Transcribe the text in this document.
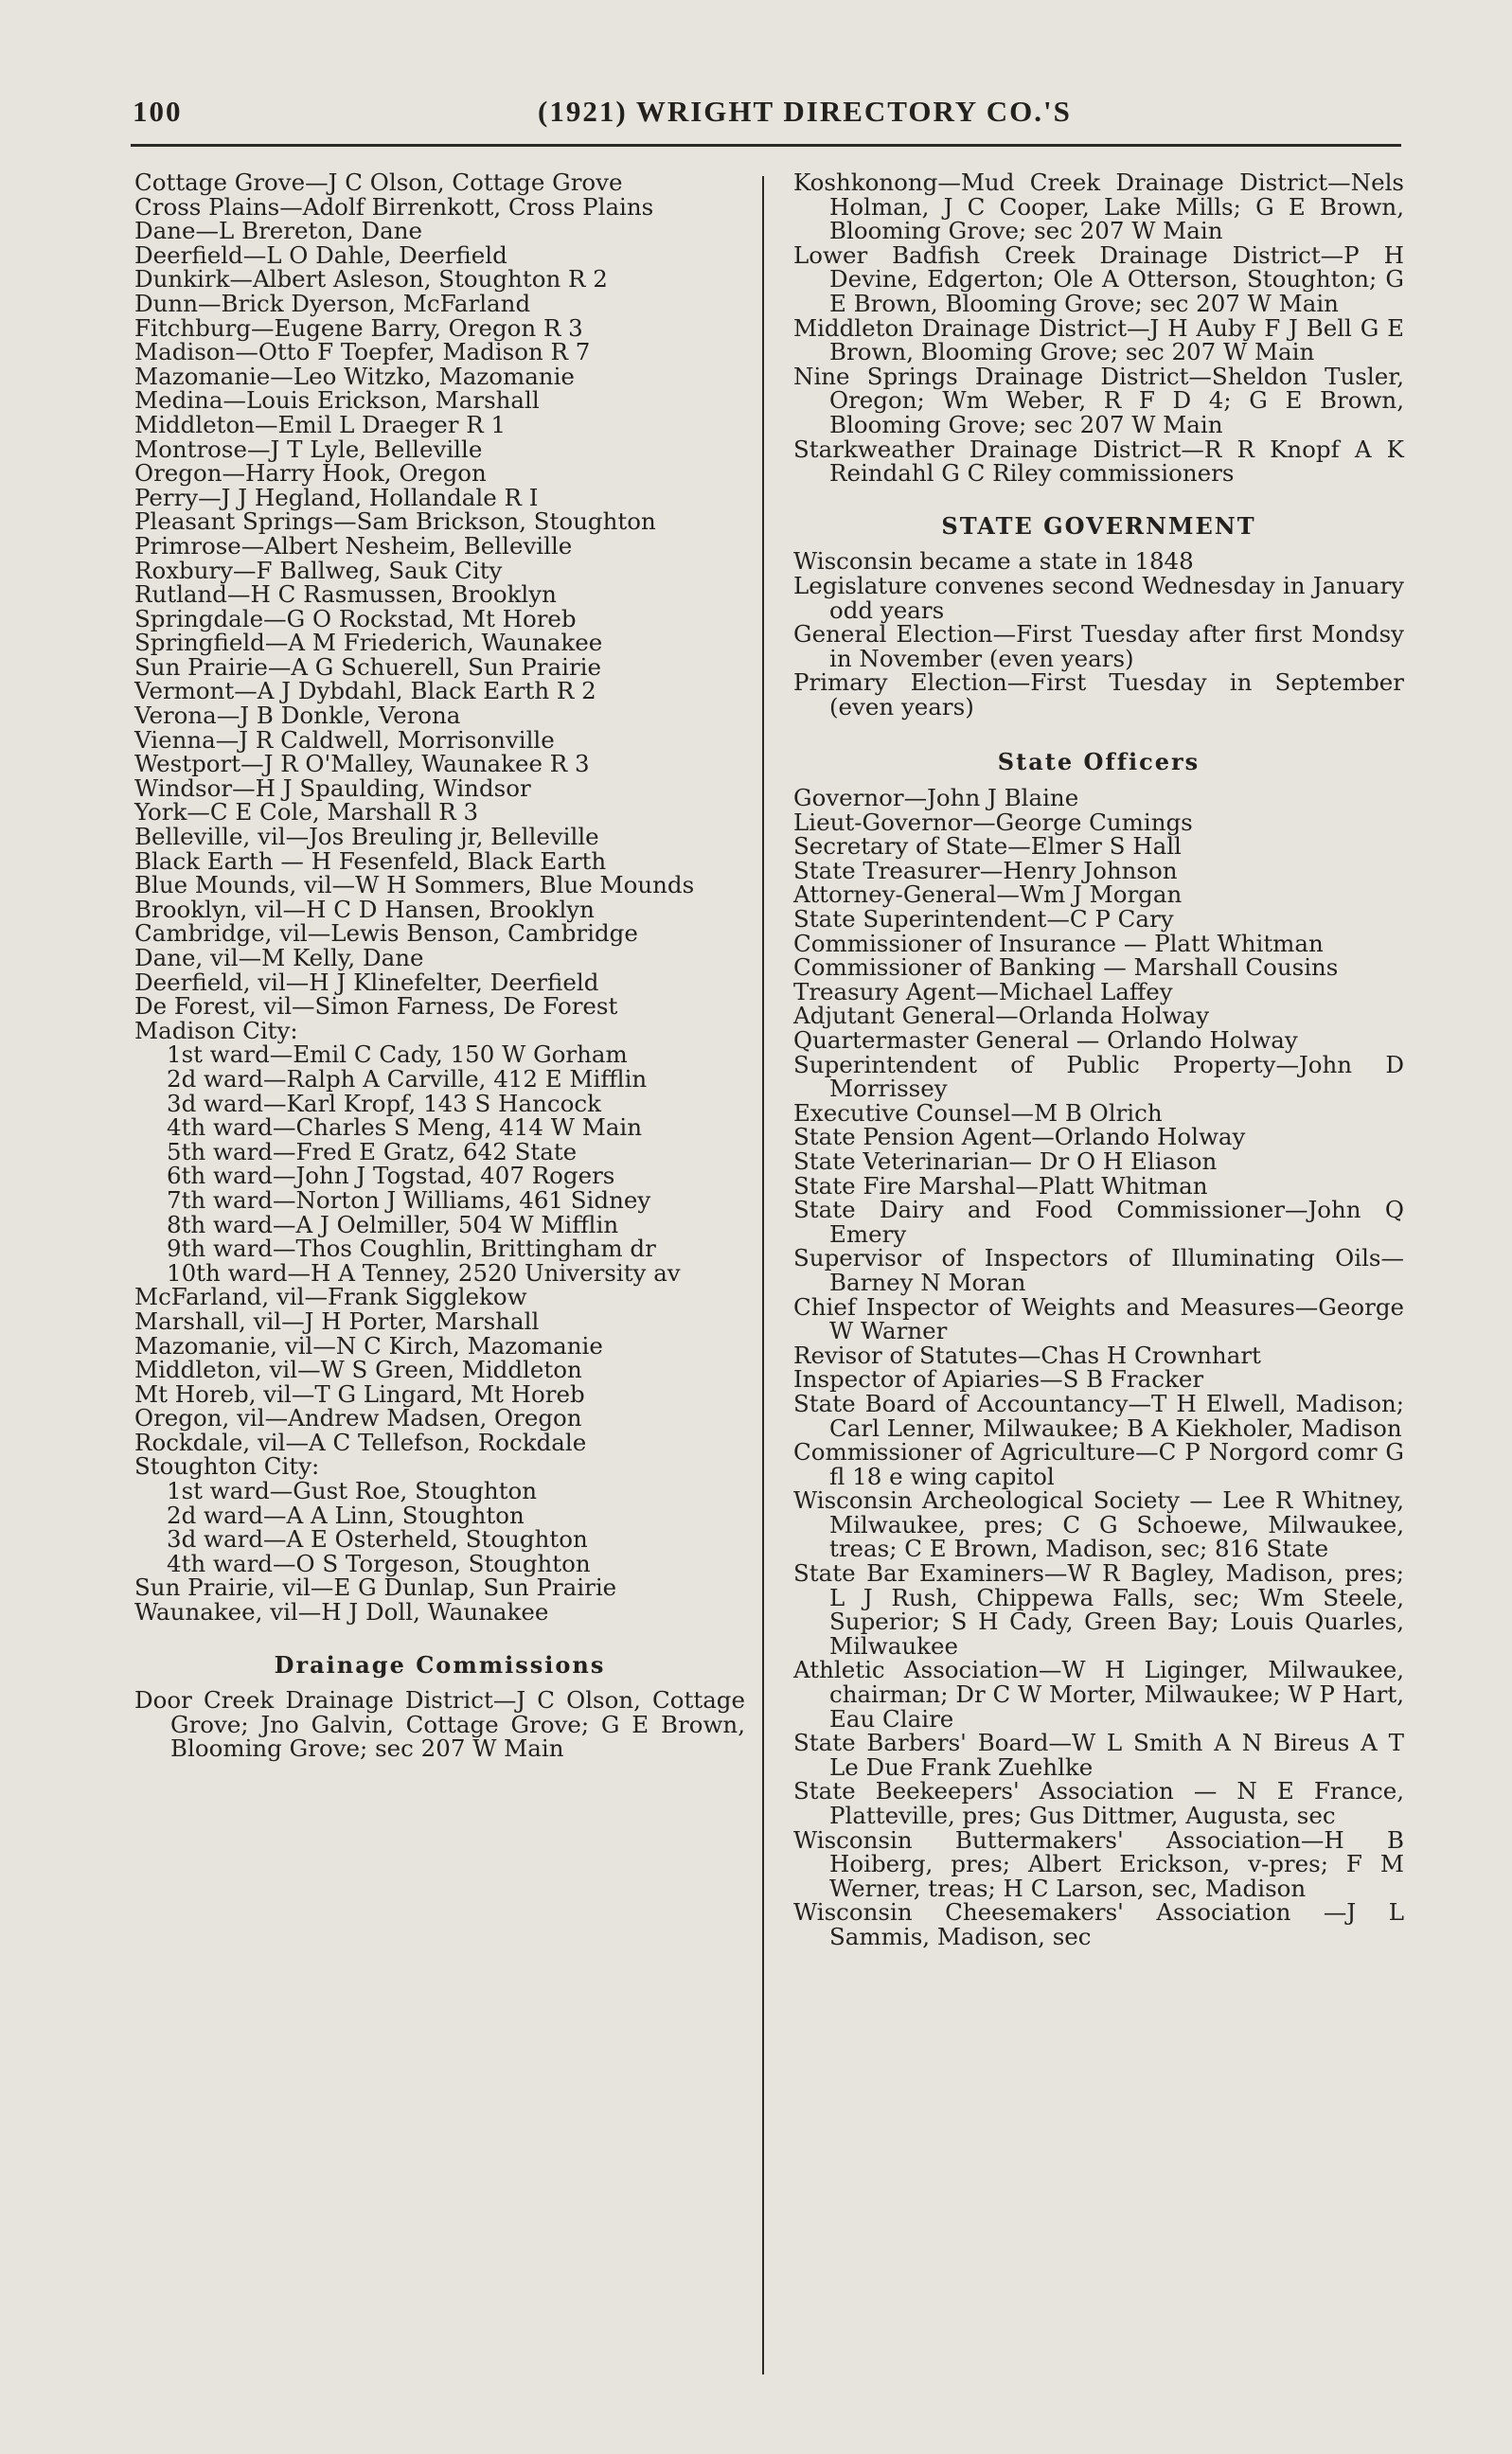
100	(1921) WRIGHT DIRECTORY CO.'S
Cottage Grove—J C Olson, Cottage Grove
Cross Plains—Adolf Birrenkott, Cross Plains
Dane—L Brereton, Dane
Deerfield—L O Dahle, Deerfield
Dunkirk—Albert Asleson, Stoughton R 2
Dunn—Brick Dyerson, McFarland
Fitchburg—Eugene Barry, Oregon R 3
Madison—Otto F Toepfer, Madison R 7
Mazomanie—Leo Witzko, Mazomanie
Medina—Louis Erickson, Marshall
Middleton—Emil L Draeger R 1
Montrose—J T Lyle, Belleville
Oregon—Harry Hook, Oregon
Perry—J J Hegland, Hollandale R I
Pleasant Springs—Sam Brickson, Stoughton
Primrose—Albert Nesheim, Belleville
Roxbury—F Ballweg, Sauk City
Rutland—H C Rasmussen, Brooklyn
Springdale—G O Rockstad, Mt Horeb
Springfield—A M Friederich, Waunakee
Sun Prairie—A G Schuerell, Sun Prairie
Vermont—A J Dybdahl, Black Earth R 2
Verona—J B Donkle, Verona
Vienna—J R Caldwell, Morrisonville
Westport—J R O'Malley, Waunakee R 3
Windsor—H J Spaulding, Windsor
York—C E Cole, Marshall R 3
Belleville, vil—Jos Breuling jr, Belleville
Black Earth — H Fesenfeld, Black Earth
Blue Mounds, vil—W H Sommers, Blue Mounds
Brooklyn, vil—H C D Hansen, Brooklyn
Cambridge, vil—Lewis Benson, Cambridge
Dane, vil—M Kelly, Dane
Deerfield, vil—H J Klinefelter, Deerfield
De Forest, vil—Simon Farness, De Forest
Madison City:
1st ward—Emil C Cady, 150 W Gorham
2d ward—Ralph A Carville, 412 E Mifflin
3d ward—Karl Kropf, 143 S Hancock
4th ward—Charles S Meng, 414 W Main
5th ward—Fred E Gratz, 642 State
6th ward—John J Togstad, 407 Rogers
7th ward—Norton J Williams, 461 Sidney
8th ward—A J Oelmiller, 504 W Mifflin
9th ward—Thos Coughlin, Brittingham dr
10th ward—H A Tenney, 2520 University av
McFarland, vil—Frank Sigglekow
Marshall, vil—J H Porter, Marshall
Mazomanie, vil—N C Kirch, Mazomanie
Middleton, vil—W S Green, Middleton
Mt Horeb, vil—T G Lingard, Mt Horeb
Oregon, vil—Andrew Madsen, Oregon
Rockdale, vil—A C Tellefson, Rockdale
Stoughton City:
1st ward—Gust Roe, Stoughton
2d ward—A A Linn, Stoughton
3d ward—A E Osterheld, Stoughton
4th ward—O S Torgeson, Stoughton
Sun Prairie, vil—E G Dunlap, Sun Prairie
Waunakee, vil—H J Doll, Waunakee
Drainage Commissions
Door Creek Drainage District—J C Olson, Cottage Grove; Jno Galvin, Cottage Grove; G E Brown, Blooming Grove; sec 207 W Main
Koshkonong—Mud Creek Drainage District—Nels Holman, J C Cooper, Lake Mills; G E Brown, Blooming Grove; sec 207 W Main
Lower Badfish Creek Drainage District—P H Devine, Edgerton; Ole A Otterson, Stoughton; G E Brown, Blooming Grove; sec 207 W Main
Middleton Drainage District—J H Auby F J Bell G E Brown, Blooming Grove; sec 207 W Main
Nine Springs Drainage District—Sheldon Tusler, Oregon; Wm Weber, R F D 4; G E Brown, Blooming Grove; sec 207 W Main
Starkweather Drainage District—R R Knopf A K Reindahl G C Riley commissioners
STATE GOVERNMENT
Wisconsin became a state in 1848
Legislature convenes second Wednesday in January odd years
General Election—First Tuesday after first Mondsy in November (even years)
Primary Election—First Tuesday in September (even years)
State Officers
Governor—John J Blaine
Lieut-Governor—George Cumings
Secretary of State—Elmer S Hall
State Treasurer—Henry Johnson
Attorney-General—Wm J Morgan
State Superintendent—C P Cary
Commissioner of Insurance — Platt Whitman
Commissioner of Banking — Marshall Cousins
Treasury Agent—Michael Laffey
Adjutant General—Orlanda Holway
Quartermaster General — Orlando Holway
Superintendent of Public Property—John D Morrissey
Executive Counsel—M B Olrich
State Pension Agent—Orlando Holway
State Veterinarian— Dr O H Eliason
State Fire Marshal—Platt Whitman
State Dairy and Food Commissioner—John Q Emery
Supervisor of Inspectors of Illuminating Oils—Barney N Moran
Chief Inspector of Weights and Measures—George W Warner
Revisor of Statutes—Chas H Crownhart
Inspector of Apiaries—S B Fracker
State Board of Accountancy—T H Elwell, Madison; Carl Lenner, Milwaukee; B A Kiekholer, Madison
Commissioner of Agriculture—C P Norgord comr G fl 18 e wing capitol
Wisconsin Archeological Society — Lee R Whitney, Milwaukee, pres; C G Schoewe, Milwaukee, treas; C E Brown, Madison, sec; 816 State
State Bar Examiners—W R Bagley, Madison, pres; L J Rush, Chippewa Falls, sec; Wm Steele, Superior; S H Cady, Green Bay; Louis Quarles, Milwaukee
Athletic Association—W H Liginger, Milwaukee, chairman; Dr C W Morter, Milwaukee; W P Hart, Eau Claire
State Barbers' Board—W L Smith A N Bireus A T Le Due Frank Zuehlke
State Beekeepers' Association — N E France, Platteville, pres; Gus Dittmer, Augusta, sec
Wisconsin Buttermakers' Association—H B Hoiberg, pres; Albert Erickson, v-pres; F M Werner, treas; H C Larson, sec, Madison
Wisconsin Cheesemakers' Association —J L Sammis, Madison, sec
